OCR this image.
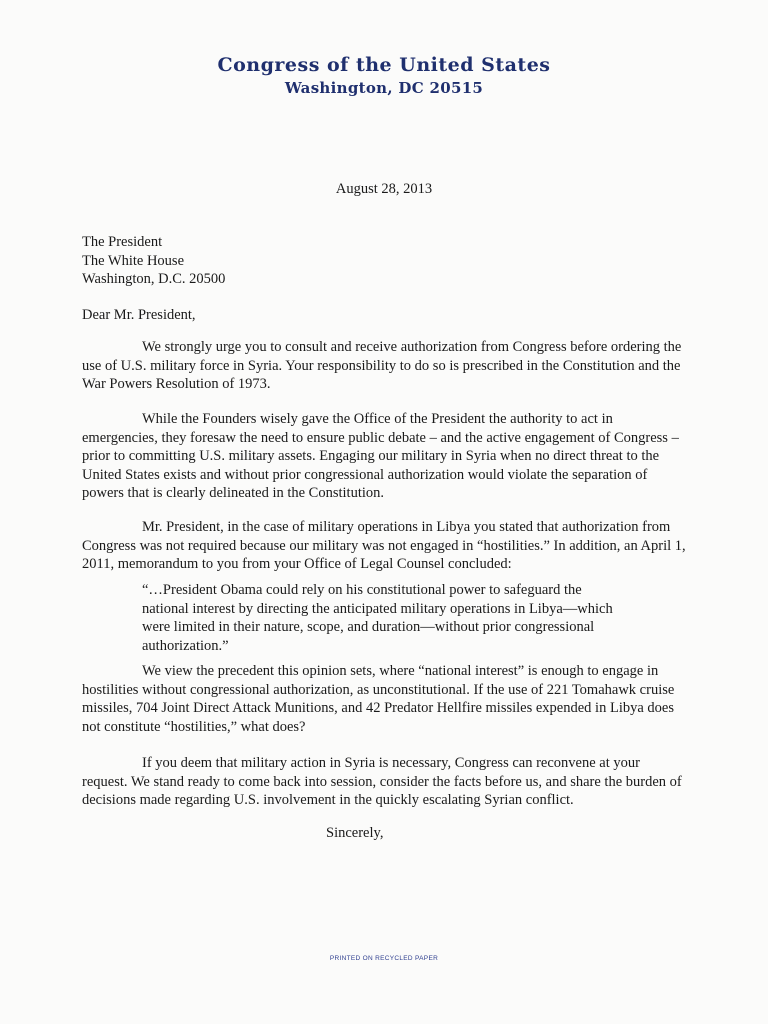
Congress of the United States
Washington, DC 20515
August 28, 2013
The President
The White House
Washington, D.C. 20500
Dear Mr. President,
We strongly urge you to consult and receive authorization from Congress before ordering the use of U.S. military force in Syria. Your responsibility to do so is prescribed in the Constitution and the War Powers Resolution of 1973.
While the Founders wisely gave the Office of the President the authority to act in emergencies, they foresaw the need to ensure public debate – and the active engagement of Congress – prior to committing U.S. military assets. Engaging our military in Syria when no direct threat to the United States exists and without prior congressional authorization would violate the separation of powers that is clearly delineated in the Constitution.
Mr. President, in the case of military operations in Libya you stated that authorization from Congress was not required because our military was not engaged in “hostilities.” In addition, an April 1, 2011, memorandum to you from your Office of Legal Counsel concluded:
“…President Obama could rely on his constitutional power to safeguard the national interest by directing the anticipated military operations in Libya—which were limited in their nature, scope, and duration—without prior congressional authorization.”
We view the precedent this opinion sets, where “national interest” is enough to engage in hostilities without congressional authorization, as unconstitutional. If the use of 221 Tomahawk cruise missiles, 704 Joint Direct Attack Munitions, and 42 Predator Hellfire missiles expended in Libya does not constitute “hostilities,” what does?
If you deem that military action in Syria is necessary, Congress can reconvene at your request. We stand ready to come back into session, consider the facts before us, and share the burden of decisions made regarding U.S. involvement in the quickly escalating Syrian conflict.
Sincerely,
PRINTED ON RECYCLED PAPER
